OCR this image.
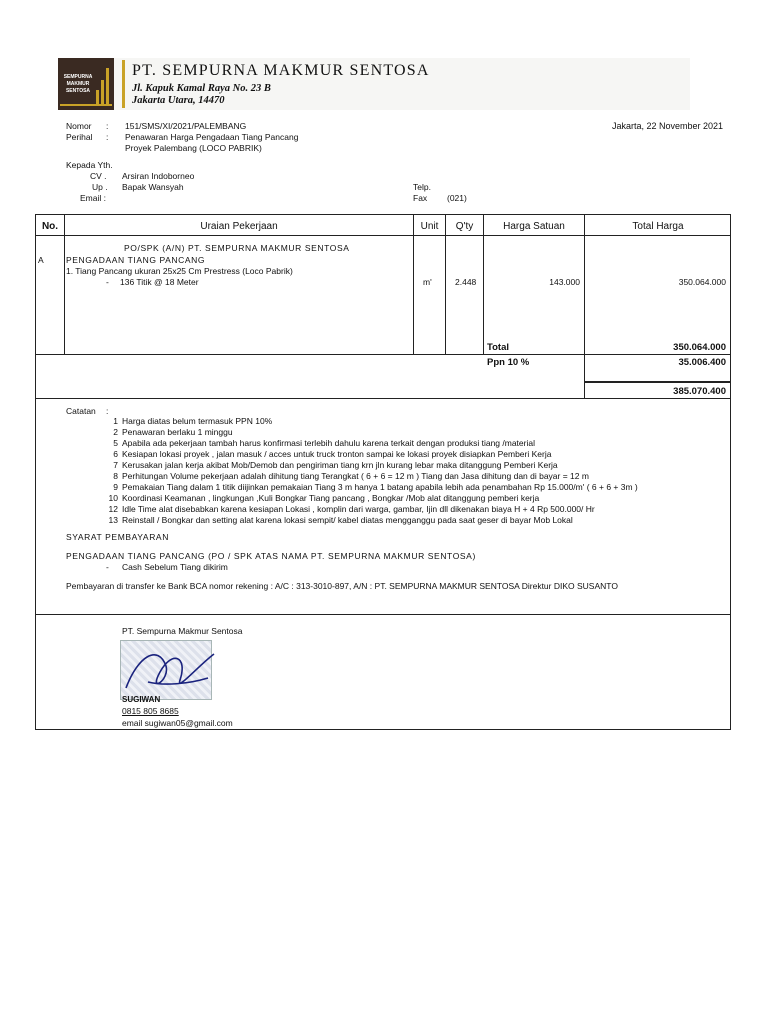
SEMPURNA
MAKMUR
SENTOSA
PT. SEMPURNA MAKMUR SENTOSA
Jl. Kapuk Kamal Raya No. 23 B
Jakarta Utara, 14470
Nomor : 151/SMS/XI/2021/PALEMBANG
Perihal : Penawaran Harga Pengadaan Tiang Pancang
Proyek Palembang (LOCO PABRIK)
Jakarta, 22 November 2021
Kepada Yth.
CV . Arsiran Indoborneo
Up . Bapak Wansyah
Email :
Telp.
Fax (021)
No.	Uraian Pekerjaan	Unit	Q'ty	Harga Satuan	Total Harga
PO/SPK (A/N) PT. SEMPURNA MAKMUR SENTOSA
A	PENGADAAN TIANG PANCANG
1. Tiang Pancang ukuran 25x25 Cm Prestress (Loco Pabrik)
- 136 Titik @ 18 Meter	m'	2.448	143.000	350.064.000
Total	350.064.000
Ppn 10 %	35.006.400
385.070.400
Catatan :
1 Harga diatas belum termasuk PPN 10%
2 Penawaran berlaku 1 minggu
5 Apabila ada pekerjaan tambah harus konfirmasi terlebih dahulu karena terkait dengan produksi tiang /material
6 Kesiapan lokasi proyek , jalan masuk / acces untuk truck tronton sampai ke lokasi proyek disiapkan Pemberi Kerja
7 Kerusakan jalan kerja akibat Mob/Demob dan pengiriman tiang krn jln kurang lebar maka ditanggung Pemberi Kerja
8 Perhitungan Volume pekerjaan adalah dihitung tiang Terangkat ( 6 + 6 = 12 m ) Tiang dan Jasa dihitung dan di bayar = 12 m
9 Pemakaian Tiang dalam 1 titik diijinkan pemakaian Tiang 3 m hanya 1 batang apabila lebih ada penambahan Rp 15.000/m' ( 6 + 6 + 3m )
10 Koordinasi Keamanan , lingkungan ,Kuli Bongkar Tiang pancang , Bongkar /Mob alat ditanggung pemberi kerja
12 Idle Time alat disebabkan karena kesiapan Lokasi , komplin dari warga, gambar, Ijin dll dikenakan biaya H + 4 Rp 500.000/ Hr
13 Reinstall / Bongkar dan setting alat karena lokasi sempit/ kabel diatas mengganggu pada saat geser di bayar Mob Lokal
SYARAT PEMBAYARAN
PENGADAAN TIANG PANCANG (PO / SPK ATAS NAMA PT. SEMPURNA MAKMUR SENTOSA)
- Cash Sebelum Tiang dikirim
Pembayaran di transfer ke Bank BCA nomor rekening : A/C : 313-3010-897, A/N : PT. SEMPURNA MAKMUR SENTOSA Direktur DIKO SUSANTO
PT. Sempurna Makmur Sentosa
SUGIWAN
0815 805 8685
email sugiwan05@gmail.com
